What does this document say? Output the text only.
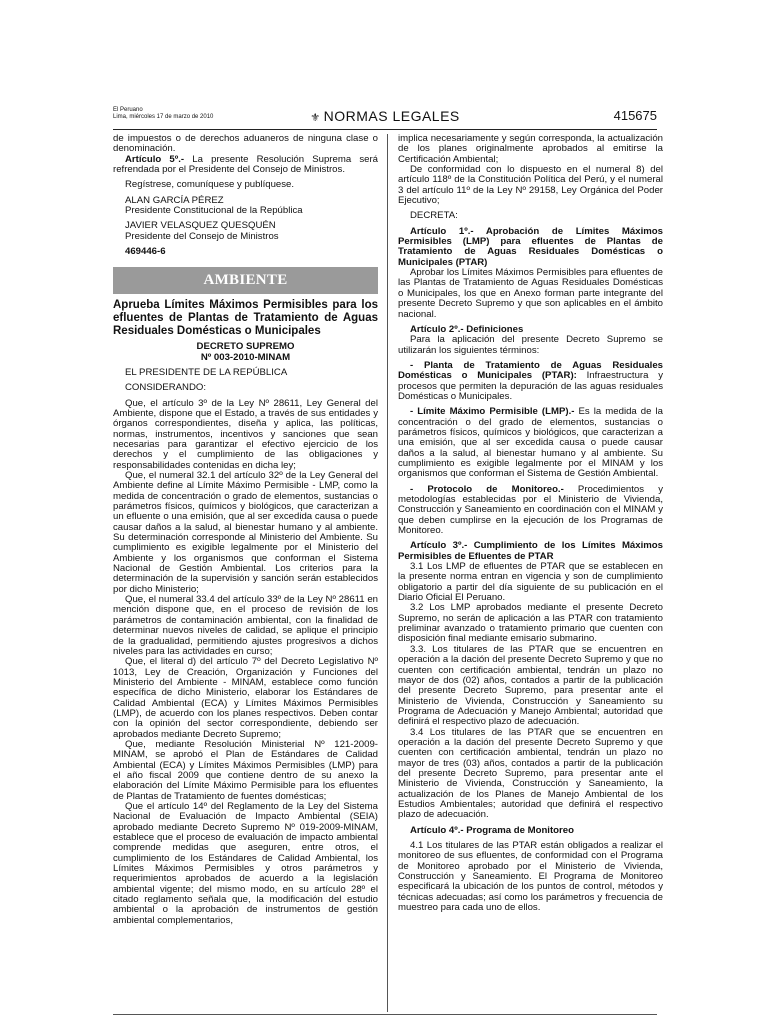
El Peruano
Lima, miércoles 17 de marzo de 2010	⚜ NORMAS LEGALES	415675

de impuestos o de derechos aduaneros de ninguna clase o denominación.

Artículo 5º.- La presente Resolución Suprema será refrendada por el Presidente del Consejo de Ministros.

Regístrese, comuníquese y publíquese.

ALAN GARCÍA PÉREZ

Presidente Constitucional de la República

JAVIER VELASQUEZ QUESQUÉN

Presidente del Consejo de Ministros

469446-6

AMBIENTE

Aprueba Límites Máximos Permisibles para los efluentes de Plantas de Tratamiento de Aguas Residuales Domésticas o Municipales

DECRETO SUPREMO

Nº 003-2010-MINAM

EL PRESIDENTE DE LA REPÚBLICA

CONSIDERANDO:

Que, el artículo 3º de la Ley Nº 28611, Ley General del Ambiente, dispone que el Estado, a través de sus entidades y órganos correspondientes, diseña y aplica, las políticas, normas, instrumentos, incentivos y sanciones que sean necesarias para garantizar el efectivo ejercicio de los derechos y el cumplimiento de las obligaciones y responsabilidades contenidas en dicha ley;

Que, el numeral 32.1 del artículo 32º de la Ley General del Ambiente define al Límite Máximo Permisible - LMP, como la medida de concentración o grado de elementos, sustancias o parámetros físicos, químicos y biológicos, que caracterizan a un efluente o una emisión, que al ser excedida causa o puede causar daños a la salud, al bienestar humano y al ambiente. Su determinación corresponde al Ministerio del Ambiente. Su cumplimiento es exigible legalmente por el Ministerio del Ambiente y los organismos que conforman el Sistema Nacional de Gestión Ambiental. Los criterios para la determinación de la supervisión y sanción serán establecidos por dicho Ministerio;

Que, el numeral 33.4 del artículo 33º de la Ley Nº 28611 en mención dispone que, en el proceso de revisión de los parámetros de contaminación ambiental, con la finalidad de determinar nuevos niveles de calidad, se aplique el principio de la gradualidad, permitiendo ajustes progresivos a dichos niveles para las actividades en curso;

Que, el literal d) del artículo 7º del Decreto Legislativo Nº 1013, Ley de Creación, Organización y Funciones del Ministerio del Ambiente - MINAM, establece como función específica de dicho Ministerio, elaborar los Estándares de Calidad Ambiental (ECA) y Límites Máximos Permisibles (LMP), de acuerdo con los planes respectivos. Deben contar con la opinión del sector correspondiente, debiendo ser aprobados mediante Decreto Supremo;

Que, mediante Resolución Ministerial Nº 121-2009-MINAM, se aprobó el Plan de Estándares de Calidad Ambiental (ECA) y Límites Máximos Permisibles (LMP) para el año fiscal 2009 que contiene dentro de su anexo la elaboración del Límite Máximo Permisible para los efluentes de Plantas de Tratamiento de fuentes domésticas;

Que el artículo 14º del Reglamento de la Ley del Sistema Nacional de Evaluación de Impacto Ambiental (SEIA) aprobado mediante Decreto Supremo Nº 019-2009-MINAM, establece que el proceso de evaluación de impacto ambiental comprende medidas que aseguren, entre otros, el cumplimiento de los Estándares de Calidad Ambiental, los Límites Máximos Permisibles y otros parámetros y requerimientos aprobados de acuerdo a la legislación ambiental vigente; del mismo modo, en su artículo 28º el citado reglamento señala que, la modificación del estudio ambiental o la aprobación de instrumentos de gestión ambiental complementarios,

implica necesariamente y según corresponda, la actualización de los planes originalmente aprobados al emitirse la Certificación Ambiental;

De conformidad con lo dispuesto en el numeral 8) del artículo 118º de la Constitución Política del Perú, y el numeral 3 del artículo 11º de la Ley Nº 29158, Ley Orgánica del Poder Ejecutivo;

DECRETA:

Artículo 1º.- Aprobación de Límites Máximos Permisibles (LMP) para efluentes de Plantas de Tratamiento de Aguas Residuales Domésticas o Municipales (PTAR)

Aprobar los Límites Máximos Permisibles para efluentes de las Plantas de Tratamiento de Aguas Residuales Domésticas o Municipales, los que en Anexo forman parte integrante del presente Decreto Supremo y que son aplicables en el ámbito nacional.

Artículo 2º.- Definiciones

Para la aplicación del presente Decreto Supremo se utilizarán los siguientes términos:

- Planta de Tratamiento de Aguas Residuales Domésticas o Municipales (PTAR): Infraestructura y procesos que permiten la depuración de las aguas residuales Domésticas o Municipales.

- Límite Máximo Permisible (LMP).- Es la medida de la concentración o del grado de elementos, sustancias o parámetros físicos, químicos y biológicos, que caracterizan a una emisión, que al ser excedida causa o puede causar daños a la salud, al bienestar humano y al ambiente. Su cumplimiento es exigible legalmente por el MINAM y los organismos que conforman el Sistema de Gestión Ambiental.

- Protocolo de Monitoreo.- Procedimientos y metodologías establecidas por el Ministerio de Vivienda, Construcción y Saneamiento en coordinación con el MINAM y que deben cumplirse en la ejecución de los Programas de Monitoreo.

Artículo 3º.- Cumplimiento de los Límites Máximos Permisibles de Efluentes de PTAR

3.1 Los LMP de efluentes de PTAR que se establecen en la presente norma entran en vigencia y son de cumplimiento obligatorio a partir del día siguiente de su publicación en el Diario Oficial El Peruano.

3.2 Los LMP aprobados mediante el presente Decreto Supremo, no serán de aplicación a las PTAR con tratamiento preliminar avanzado o tratamiento primario que cuenten con disposición final mediante emisario submarino.

3.3. Los titulares de las PTAR que se encuentren en operación a la dación del presente Decreto Supremo y que no cuenten con certificación ambiental, tendrán un plazo no mayor de dos (02) años, contados a partir de la publicación del presente Decreto Supremo, para presentar ante el Ministerio de Vivienda, Construcción y Saneamiento su Programa de Adecuación y Manejo Ambiental; autoridad que definirá el respectivo plazo de adecuación.

3.4 Los titulares de las PTAR que se encuentren en operación a la dación del presente Decreto Supremo y que cuenten con certificación ambiental, tendrán un plazo no mayor de tres (03) años, contados a partir de la publicación del presente Decreto Supremo, para presentar ante el Ministerio de Vivienda, Construcción y Saneamiento, la actualización de los Planes de Manejo Ambiental de los Estudios Ambientales; autoridad que definirá el respectivo plazo de adecuación.

Artículo 4º.- Programa de Monitoreo

4.1 Los titulares de las PTAR están obligados a realizar el monitoreo de sus efluentes, de conformidad con el Programa de Monitoreo aprobado por el Ministerio de Vivienda, Construcción y Saneamiento. El Programa de Monitoreo especificará la ubicación de los puntos de control, métodos y técnicas adecuadas; así como los parámetros y frecuencia de muestreo para cada uno de ellos.
